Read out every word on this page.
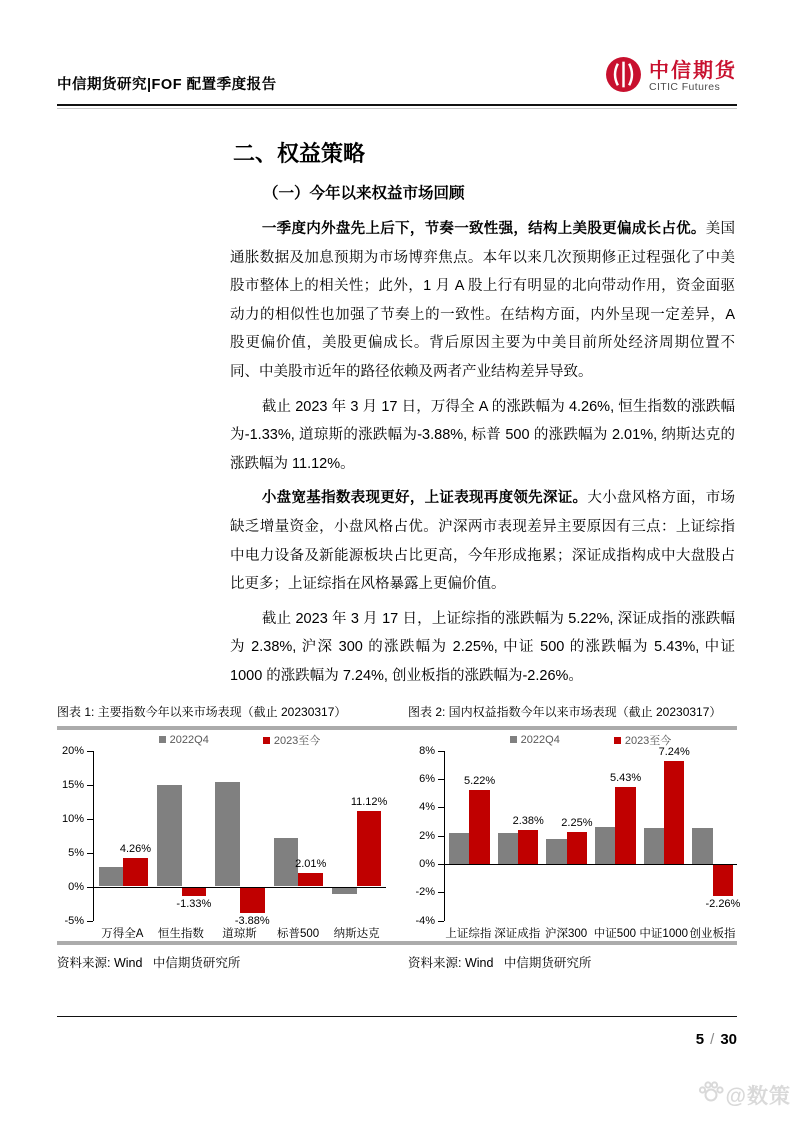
中信期货研究|FOF 配置季度报告
中信期货
CITIC Futures
二、权益策略
（一）今年以来权益市场回顾

一季度内外盘先上后下，节奏一致性强，结构上美股更偏成长占优。美国通胀数据及加息预期为市场博弈焦点。本年以来几次预期修正过程强化了中美股市整体上的相关性；此外，1 月 A 股上行有明显的北向带动作用，资金面驱动力的相似性也加强了节奏上的一致性。在结构方面，内外呈现一定差异，A 股更偏价值，美股更偏成长。背后原因主要为中美目前所处经济周期位置不同、中美股市近年的路径依赖及两者产业结构差异导致。

截止 2023 年 3 月 17 日，万得全 A 的涨跌幅为 4.26%, 恒生指数的涨跌幅为-1.33%, 道琼斯的涨跌幅为-3.88%, 标普 500 的涨跌幅为 2.01%, 纳斯达克的涨跌幅为 11.12%。

小盘宽基指数表现更好，上证表现再度领先深证。大小盘风格方面，市场缺乏增量资金，小盘风格占优。沪深两市表现差异主要原因有三点：上证综指中电力设备及新能源板块占比更高，今年形成拖累；深证成指构成中大盘股占比更多；上证综指在风格暴露上更偏价值。

截止 2023 年 3 月 17 日，上证综指的涨跌幅为 5.22%, 深证成指的涨跌幅为 2.38%, 沪深 300 的涨跌幅为 2.25%, 中证 500 的涨跌幅为 5.43%, 中证 1000 的涨跌幅为 7.24%, 创业板指的涨跌幅为-2.26%。

图表 1: 主要指数今年以来市场表现（截止 20230317）	图表 2: 国内权益指数今年以来市场表现（截止 20230317）
2022Q4	2023至今
20%
15%
10%
5%
0%
-5%
4.26%
-1.33%
-3.88%
2.01%
11.12%
万得全A	恒生指数	道琼斯	标普500	纳斯达克
2022Q4	2023至今
8%
6%
4%
2%
0%
-2%
-4%
5.22%
2.38% 2.25%
5.43%
7.24%
-2.26%
上证综指 深证成指 沪深300 中证500 中证1000 创业板指
资料来源: Wind   中信期货研究所	资料来源: Wind   中信期货研究所
5 / 30
@数策
